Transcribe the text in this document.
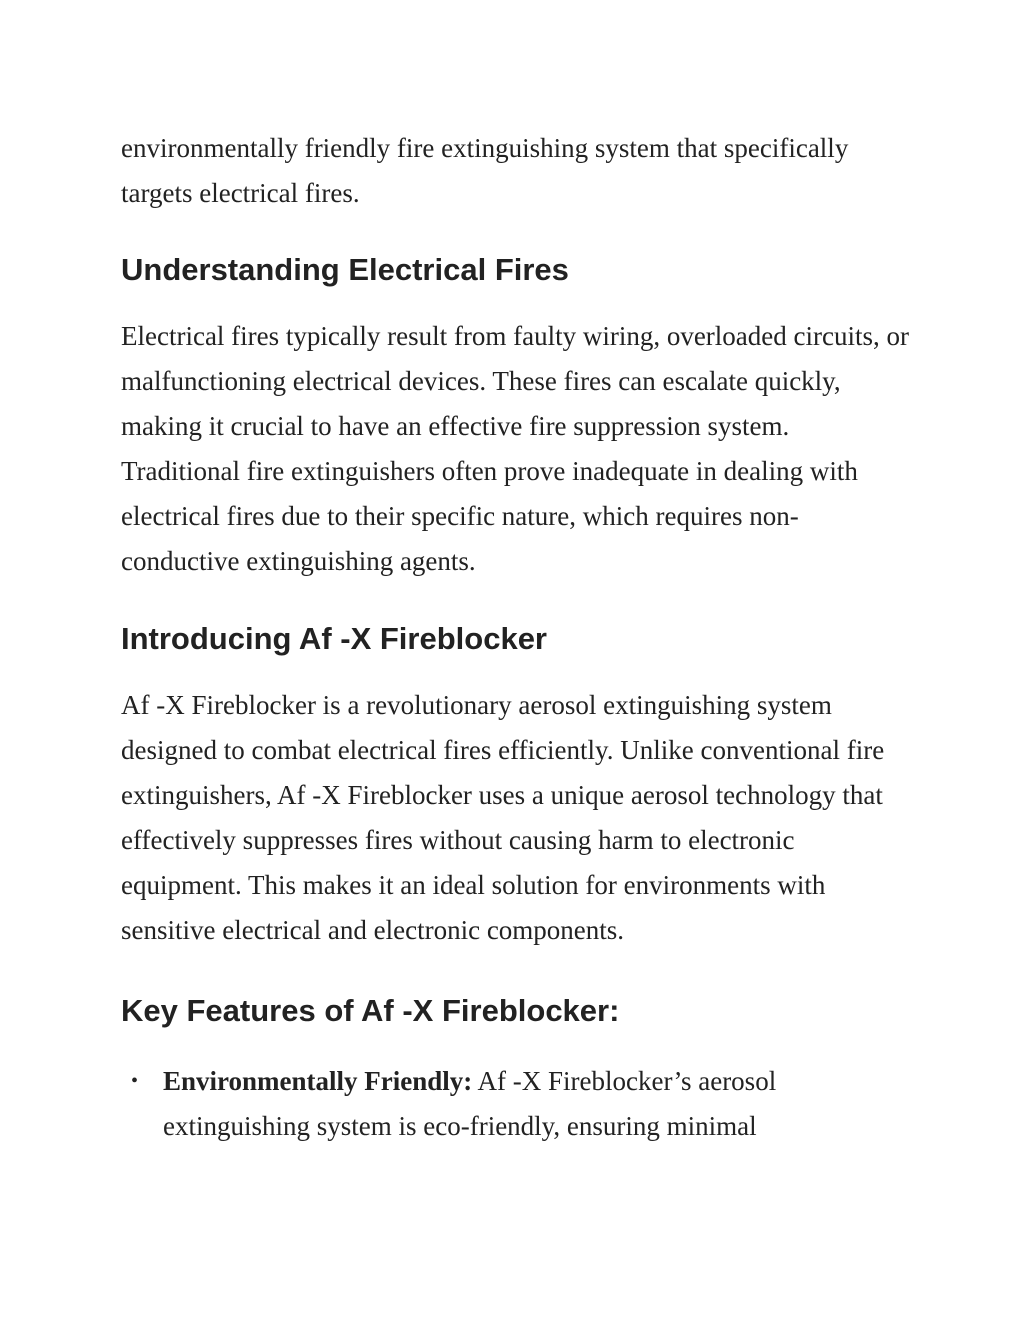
environmentally friendly fire extinguishing system that specifically targets electrical fires.

Understanding Electrical Fires

Electrical fires typically result from faulty wiring, overloaded circuits, or malfunctioning electrical devices. These fires can escalate quickly, making it crucial to have an effective fire suppression system. Traditional fire extinguishers often prove inadequate in dealing with electrical fires due to their specific nature, which requires non-conductive extinguishing agents.

Introducing Af -X Fireblocker

Af -X Fireblocker is a revolutionary aerosol extinguishing system designed to combat electrical fires efficiently. Unlike conventional fire extinguishers, Af -X Fireblocker uses a unique aerosol technology that effectively suppresses fires without causing harm to electronic equipment. This makes it an ideal solution for environments with sensitive electrical and electronic components.

Key Features of Af -X Fireblocker:
• Environmentally Friendly: Af -X Fireblocker’s aerosol extinguishing system is eco-friendly, ensuring minimal
